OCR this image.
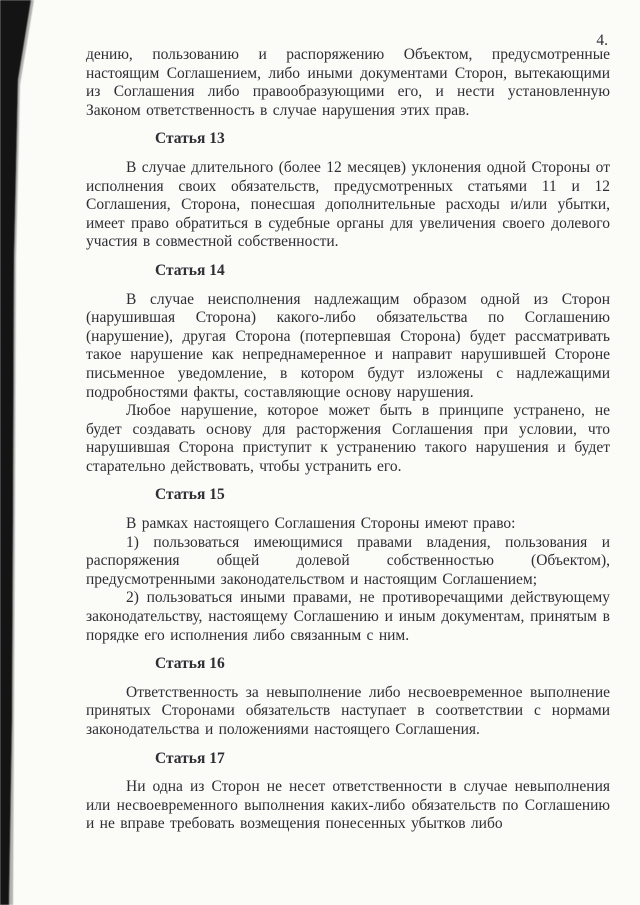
4.

дению, пользованию и распоряжению Объектом, предусмотренные настоящим Соглашением, либо иными документами Сторон, вытекающими из Соглашения либо правообразующими его, и нести установленную Законом ответственность в случае нарушения этих прав.

Статья 13

В случае длительного (более 12 месяцев) уклонения одной Стороны от исполнения своих обязательств, предусмотренных статьями 11 и 12 Соглашения, Сторона, понесшая дополнительные расходы и/или убытки, имеет право обратиться в судебные органы для увеличения своего долевого участия в совместной собственности.

Статья 14

В случае неисполнения надлежащим образом одной из Сторон (нарушившая Сторона) какого-либо обязательства по Соглашению (нарушение), другая Сторона (потерпевшая Сторона) будет рассматривать такое нарушение как непреднамеренное и направит нарушившей Стороне письменное уведомление, в котором будут изложены с надлежащими подробностями факты, составляющие основу нарушения.

Любое нарушение, которое может быть в принципе устранено, не будет создавать основу для расторжения Соглашения при условии, что нарушившая Сторона приступит к устранению такого нарушения и будет старательно действовать, чтобы устранить его.

Статья 15

В рамках настоящего Соглашения Стороны имеют право:

1) пользоваться имеющимися правами владения, пользования и распоряжения общей долевой собственностью (Объектом), предусмотренными законодательством и настоящим Соглашением;

2) пользоваться иными правами, не противоречащими действующему законодательству, настоящему Соглашению и иным документам, принятым в порядке его исполнения либо связанным с ним.

Статья 16

Ответственность за невыполнение либо несвоевременное выполнение принятых Сторонами обязательств наступает в соответствии с нормами законодательства и положениями настоящего Соглашения.

Статья 17

Ни одна из Сторон не несет ответственности в случае невыполнения или несвоевременного выполнения каких-либо обязательств по Соглашению и не вправе требовать возмещения понесенных убытков либо
